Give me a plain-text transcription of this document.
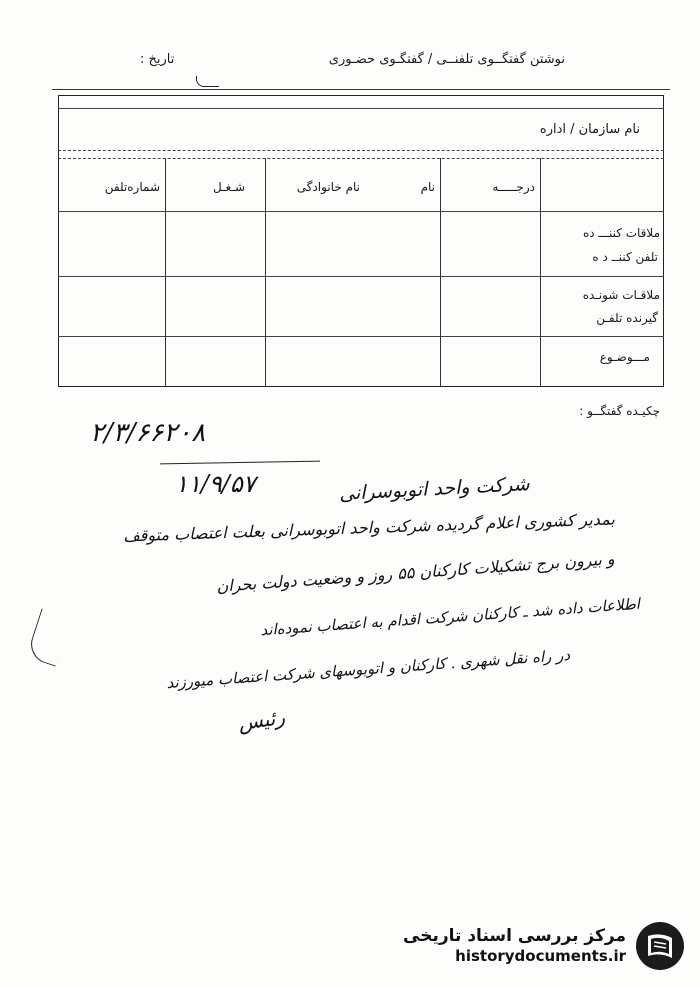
نوشتن گفتگــوی تلفنــی / گفتگـوی حضـوری
تاریخ :
نام سازمان / اداره
درجـــــه
نام
نام خانوادگی
شـغـل
شماره‌تلفن
ملاقات کننـــ ده
تلفن کننــ د ه
ملاقـات شونـده
گیرنده تلفـن
مـــوضـوع
چکیـده گفتگــو :
۲/۳/۶۶۲۰۸
۱۱/۹/۵۷	شرکت واحد اتوبوسرانی
بمدیر کشوری اعلام گردیده شرکت واحد اتوبوسرانی بعلت اعتصاب متوقف
و بیرون برج تشکیلات کارکنان ۵۵ روز و وضعیت دولت بحران
اطلاعات داده شد ـ کارکنان شرکت اقدام به اعتصاب نموده‌اند
در راه نقل شهری . کارکنان و اتوبوسهای شرکت اعتصاب میورزند
رئیس
مرکز بررسی اسناد تاریخی
historydocuments.ir
